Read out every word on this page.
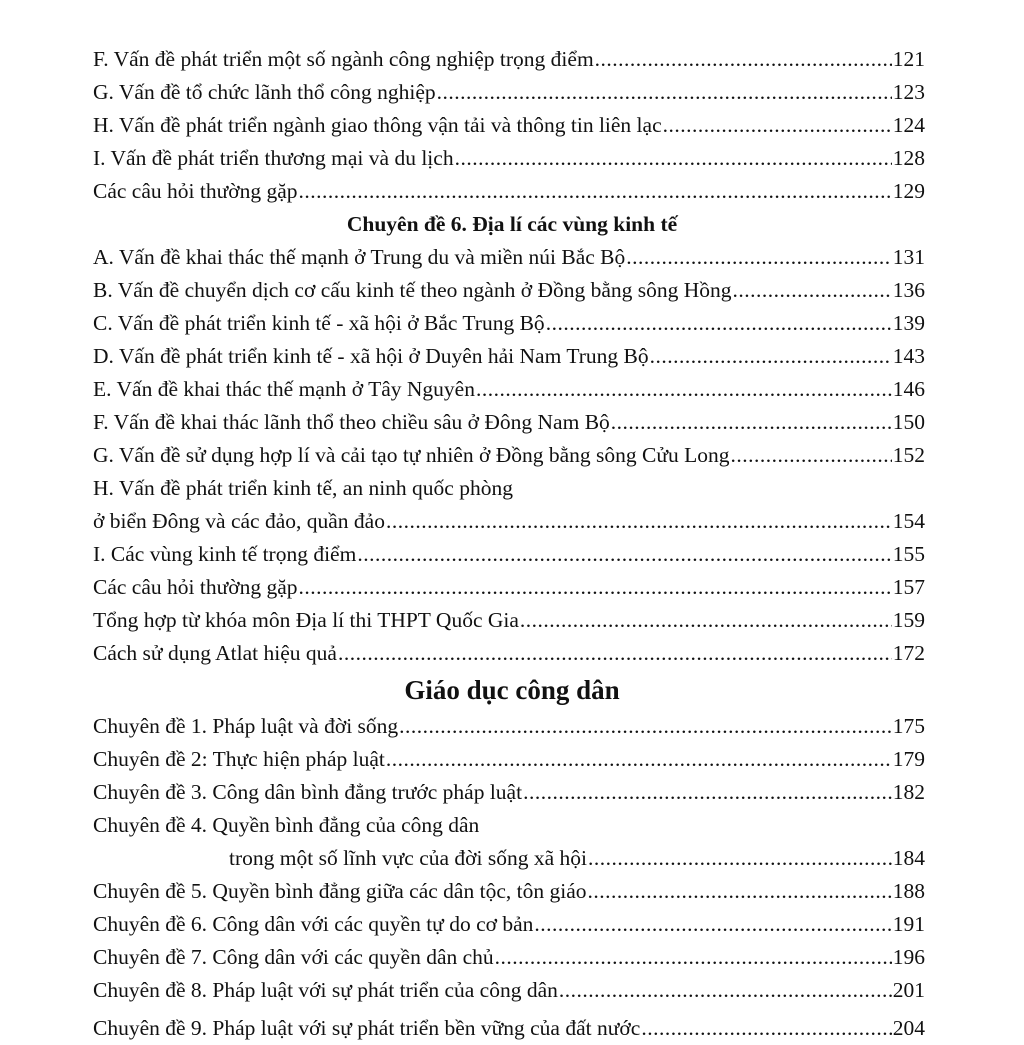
F. Vấn đề phát triển một số ngành công nghiệp trọng điểm .....	121
G. Vấn đề tổ chức lãnh thổ công nghiệp .....	123
H. Vấn đề phát triển ngành giao thông vận tải và thông tin liên lạc .....	124
I. Vấn đề phát triển thương mại và du lịch .....	128
Các câu hỏi thường gặp .....	129
Chuyên đề 6. Địa lí các vùng kinh tế
A. Vấn đề khai thác thế mạnh ở Trung du và miền núi Bắc Bộ .....	131
B. Vấn đề chuyển dịch cơ cấu kinh tế theo ngành ở Đồng bằng sông Hồng .....	136
C. Vấn đề phát triển kinh tế - xã hội ở Bắc Trung Bộ .....	139
D. Vấn đề phát triển kinh tế - xã hội ở Duyên hải Nam Trung Bộ .....	143
E. Vấn đề khai thác thế mạnh ở Tây Nguyên .....	146
F. Vấn đề khai thác lãnh thổ theo chiều sâu ở Đông Nam Bộ .....	150
G. Vấn đề sử dụng hợp lí và cải tạo tự nhiên ở Đồng bằng sông Cửu Long .....	152
H. Vấn đề phát triển kinh tế, an ninh quốc phòng
ở biển Đông và các đảo, quần đảo .....	154
I. Các vùng kinh tế trọng điểm .....	155
Các câu hỏi thường gặp .....	157
Tổng hợp từ khóa môn Địa lí thi THPT Quốc Gia .....	159
Cách sử dụng Atlat hiệu quả .....	172
Giáo dục công dân
Chuyên đề 1. Pháp luật và đời sống .....	175
Chuyên đề 2: Thực hiện pháp luật .....	179
Chuyên đề 3. Công dân bình đẳng trước pháp luật .....	182
Chuyên đề 4. Quyền bình đẳng của công dân
trong một số lĩnh vực của đời sống xã hội .....	184
Chuyên đề 5. Quyền bình đẳng giữa các dân tộc, tôn giáo .....	188
Chuyên đề 6. Công dân với các quyền tự do cơ bản .....	191
Chuyên đề 7. Công dân với các quyền dân chủ .....	196
Chuyên đề 8. Pháp luật với sự phát triển của công dân .....	201
Chuyên đề 9. Pháp luật với sự phát triển bền vững của đất nước .....	204
